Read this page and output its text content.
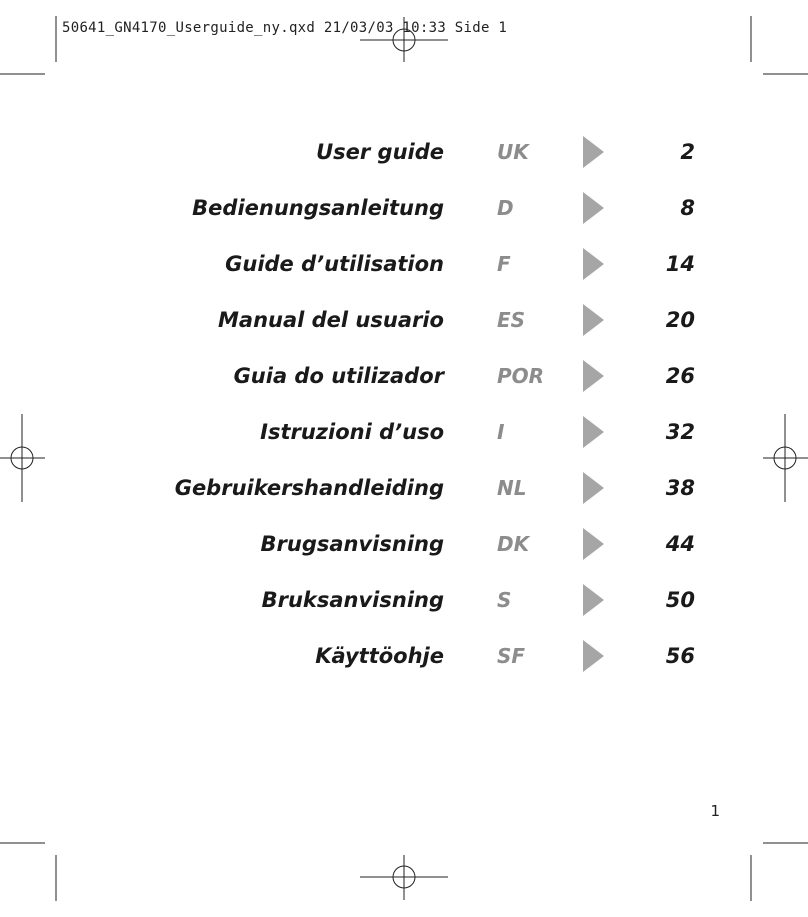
50641_GN4170_Userguide_ny.qxd 21/03/03 10:33 Side 1
User guide	UK	2
Bedienungsanleitung	D	8
Guide d’utilisation	F	14
Manual del usuario	ES	20
Guia do utilizador	POR	26
Istruzioni d’uso	I	32
Gebruikershandleiding	NL	38
Brugsanvisning	DK	44
Bruksanvisning	S	50
Käyttöohje	SF	56
1
